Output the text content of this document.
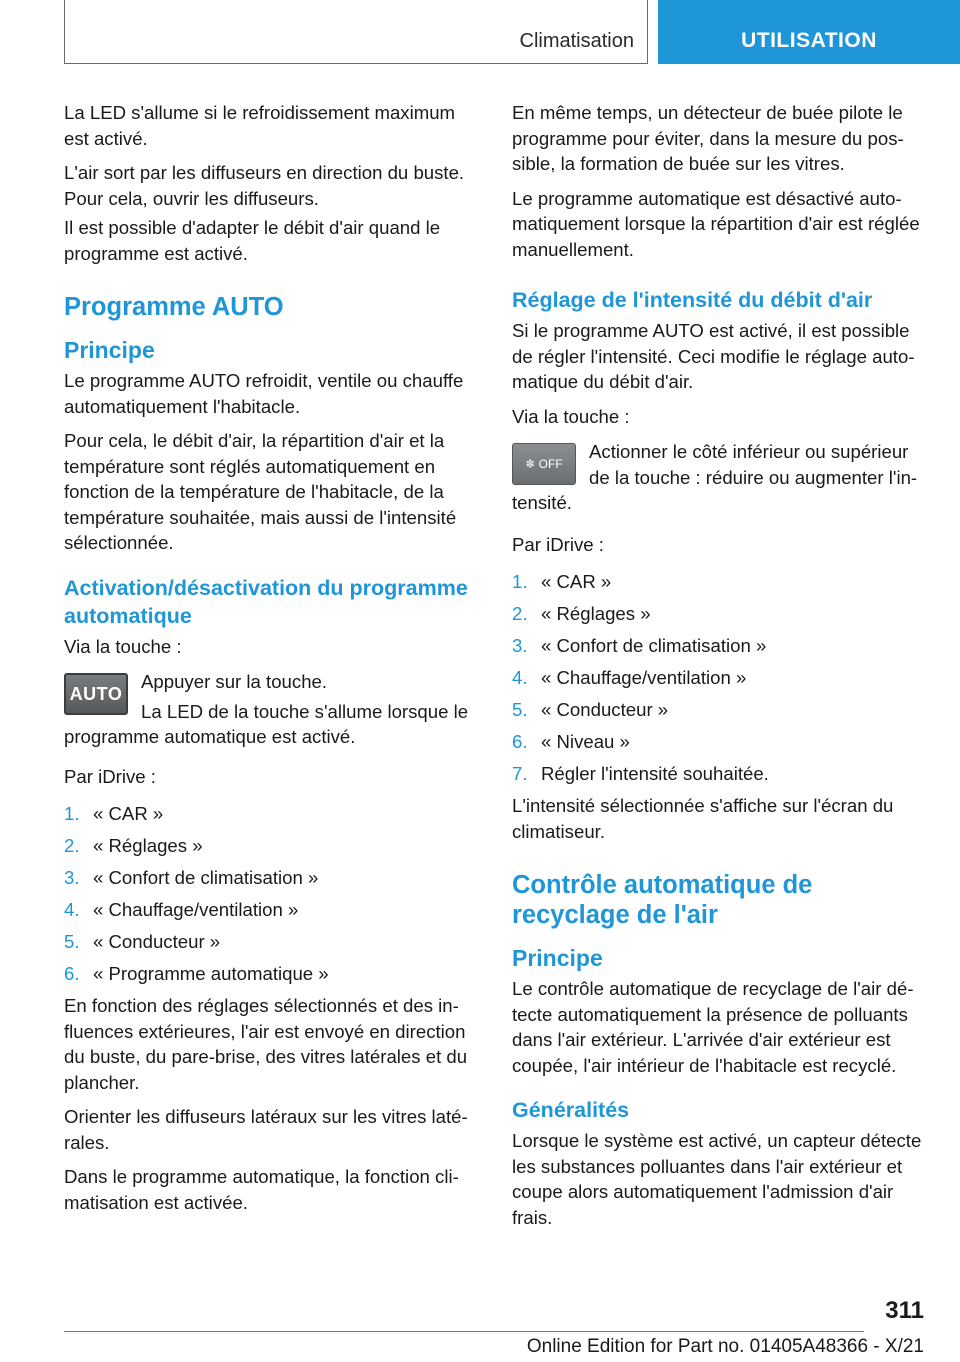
Climatisation	UTILISATION

La LED s'allume si le refroidissement maximum est activé.

L'air sort par les diffuseurs en direction du buste. Pour cela, ouvrir les diffuseurs.

Il est possible d'adapter le débit d'air quand le programme est activé.

Programme AUTO
Principe

Le programme AUTO refroidit, ventile ou chauffe automatiquement l'habitacle.

Pour cela, le débit d'air, la répartition d'air et la température sont réglés automatiquement en fonction de la température de l'habitacle, de la température souhaitée, mais aussi de l'intensité sélectionnée.

Activation/désactivation du programme automatique

Via la touche :

AUTO

Appuyer sur la touche.

La LED de la touche s'allume lorsque le programme automatique est activé.

Par iDrive :

1. « CAR »
2. « Réglages »
3. « Confort de climatisation »
4. « Chauffage/ventilation »
5. « Conducteur »
6. « Programme automatique »

En fonction des réglages sélectionnés et des influences extérieures, l'air est envoyé en direction du buste, du pare-brise, des vitres latérales et du plancher.

Orienter les diffuseurs latéraux sur les vitres latérales.

Dans le programme automatique, la fonction climatisation est activée.

En même temps, un détecteur de buée pilote le programme pour éviter, dans la mesure du possible, la formation de buée sur les vitres.

Le programme automatique est désactivé automatiquement lorsque la répartition d'air est réglée manuellement.

Réglage de l'intensité du débit d'air

Si le programme AUTO est activé, il est possible de régler l'intensité. Ceci modifie le réglage automatique du débit d'air.

Via la touche :

❄ OFF

Actionner le côté inférieur ou supérieur de la touche : réduire ou augmenter l'intensité.

Par iDrive :

1. « CAR »
2. « Réglages »
3. « Confort de climatisation »
4. « Chauffage/ventilation »
5. « Conducteur »
6. « Niveau »
7. Régler l'intensité souhaitée.

L'intensité sélectionnée s'affiche sur l'écran du climatiseur.

Contrôle automatique de recyclage de l'air
Principe

Le contrôle automatique de recyclage de l'air détecte automatiquement la présence de polluants dans l'air extérieur. L'arrivée d'air extérieur est coupée, l'air intérieur de l'habitacle est recyclé.

Généralités

Lorsque le système est activé, un capteur détecte les substances polluantes dans l'air extérieur et coupe alors automatiquement l'admission d'air frais.

311
Online Edition for Part no. 01405A48366 - X/21
